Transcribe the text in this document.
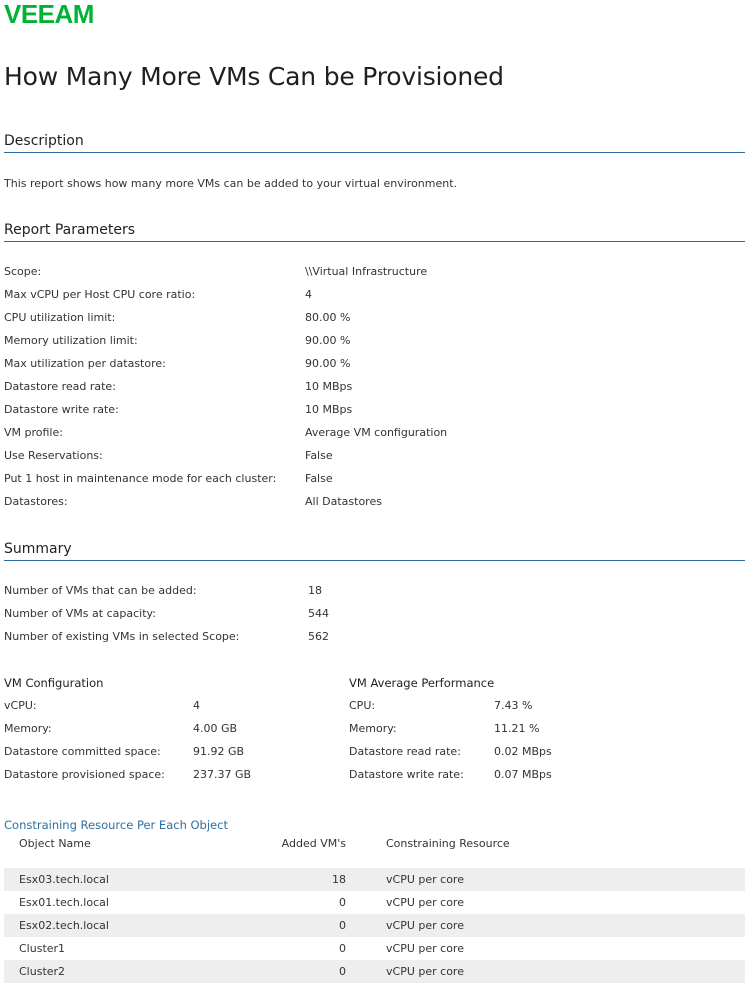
VEEAM
How Many More VMs Can be Provisioned
Description
This report shows how many more VMs can be added to your virtual environment.
Report Parameters
Scope:	\\Virtual Infrastructure
Max vCPU per Host CPU core ratio:	4
CPU utilization limit:	80.00 %
Memory utilization limit:	90.00 %
Max utilization per datastore:	90.00 %
Datastore read rate:	10 MBps
Datastore write rate:	10 MBps
VM profile:	Average VM configuration
Use Reservations:	False
Put 1 host in maintenance mode for each cluster:	False
Datastores:	All Datastores
Summary
Number of VMs that can be added:	18
Number of VMs at capacity:	544
Number of existing VMs in selected Scope:	562
VM Configuration
vCPU:	4
Memory:	4.00 GB
Datastore committed space:	91.92 GB
Datastore provisioned space:	237.37 GB
VM Average Performance
CPU:	7.43 %
Memory:	11.21 %
Datastore read rate:	0.02 MBps
Datastore write rate:	0.07 MBps
Constraining Resource Per Each Object
Object Name	Added VM's	Constraining Resource
Esx03.tech.local	18	vCPU per core
Esx01.tech.local	0	vCPU per core
Esx02.tech.local	0	vCPU per core
Cluster1	0	vCPU per core
Cluster2	0	vCPU per core
